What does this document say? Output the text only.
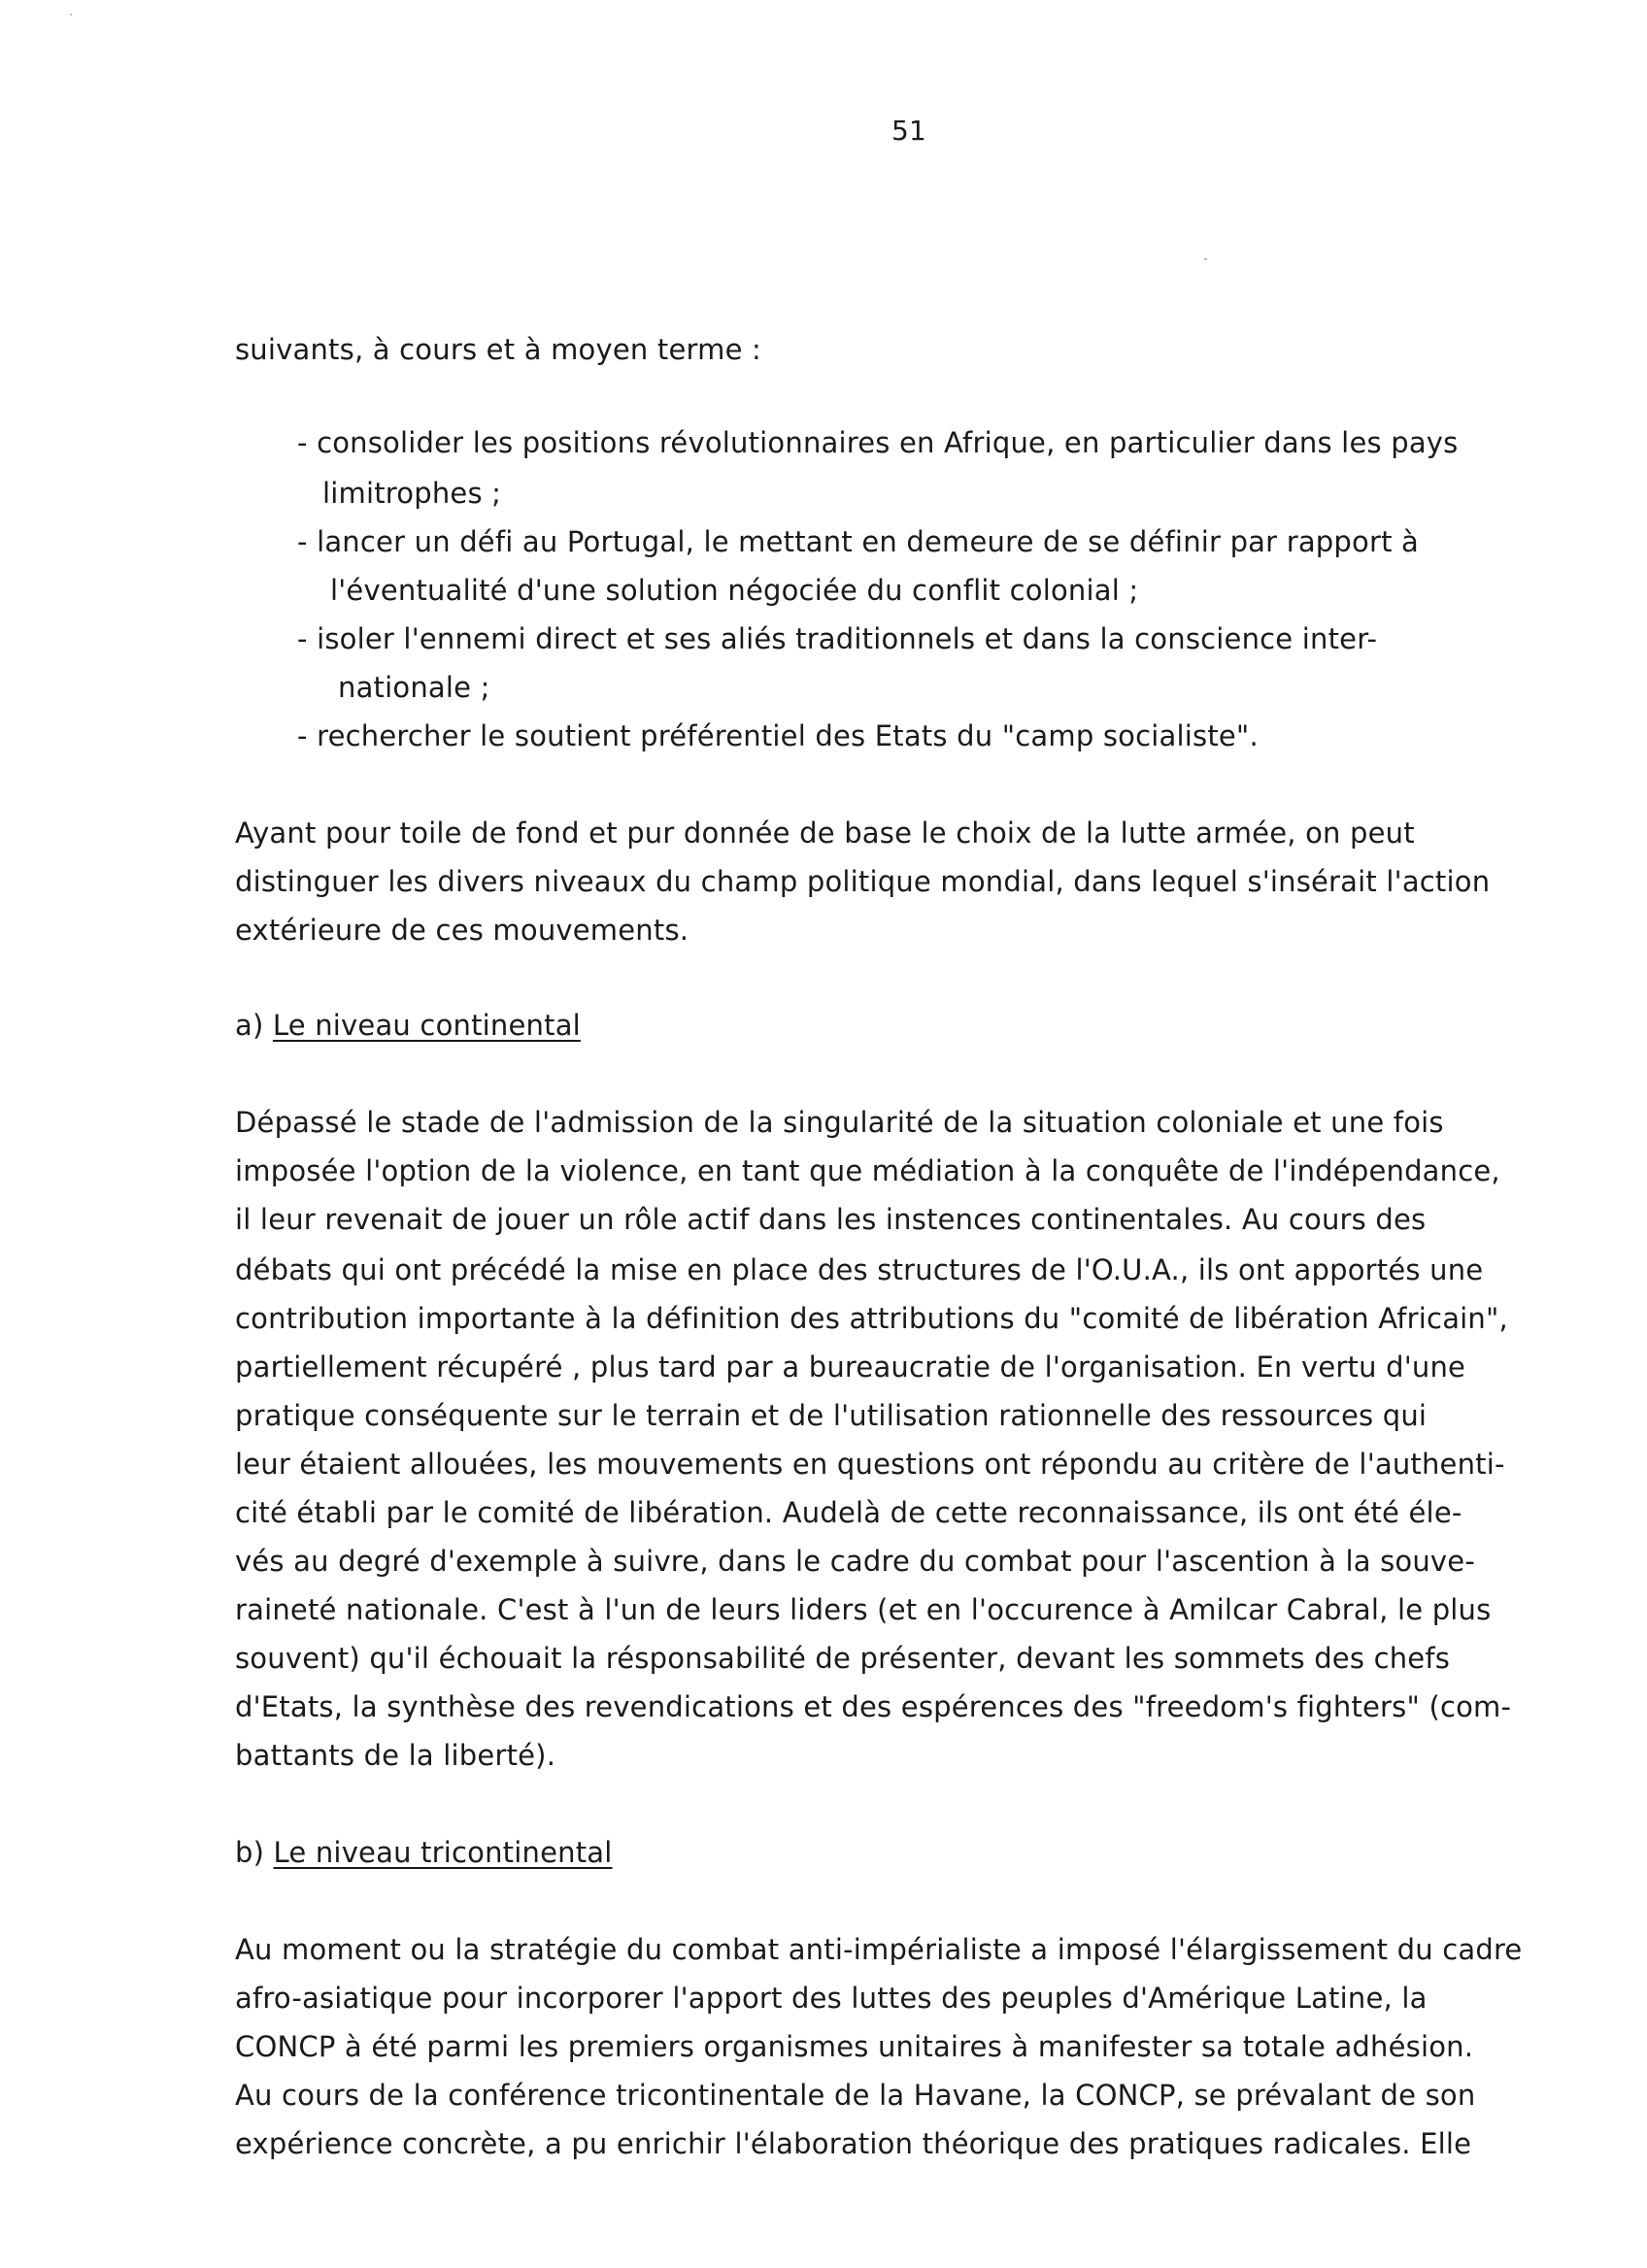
51
suivants, à cours et à moyen terme :
- consolider les positions révolutionnaires en Afrique, en particulier dans les pays
limitrophes ;
- lancer un défi au Portugal, le mettant en demeure de se définir par rapport à
l'éventualité d'une solution négociée du conflit colonial ;
- isoler l'ennemi direct et ses aliés traditionnels et dans la conscience inter-
nationale ;
- rechercher le soutient préférentiel des Etats du "camp socialiste".
Ayant pour toile de fond et pur donnée de base le choix de la lutte armée, on peut
distinguer les divers niveaux du champ politique mondial, dans lequel s'insérait l'action
extérieure de ces mouvements.
a) Le niveau continental
Dépassé le stade de l'admission de la singularité de la situation coloniale et une fois
imposée l'option de la violence, en tant que médiation à la conquête de l'indépendance,
il leur revenait de jouer un rôle actif dans les instences continentales. Au cours des
débats qui ont précédé la mise en place des structures de l'O.U.A., ils ont apportés une
contribution importante à la définition des attributions du "comité de libération Africain",
partiellement récupéré , plus tard par a bureaucratie de l'organisation. En vertu d'une
pratique conséquente sur le terrain et de l'utilisation rationnelle des ressources qui
leur étaient allouées, les mouvements en questions ont répondu au critère de l'authenti-
cité établi par le comité de libération. Audelà de cette reconnaissance, ils ont été éle-
vés au degré d'exemple à suivre, dans le cadre du combat pour l'ascention à la souve-
raineté nationale. C'est à l'un de leurs liders (et en l'occurence à Amilcar Cabral, le plus
souvent) qu'il échouait la résponsabilité de présenter, devant les sommets des chefs
d'Etats, la synthèse des revendications et des espérences des "freedom's fighters" (com-
battants de la liberté).
b) Le niveau tricontinental
Au moment ou la stratégie du combat anti-impérialiste a imposé l'élargissement du cadre
afro-asiatique pour incorporer l'apport des luttes des peuples d'Amérique Latine, la
CONCP à été parmi les premiers organismes unitaires à manifester sa totale adhésion.
Au cours de la conférence tricontinentale de la Havane, la CONCP, se prévalant de son
expérience concrète, a pu enrichir l'élaboration théorique des pratiques radicales. Elle
